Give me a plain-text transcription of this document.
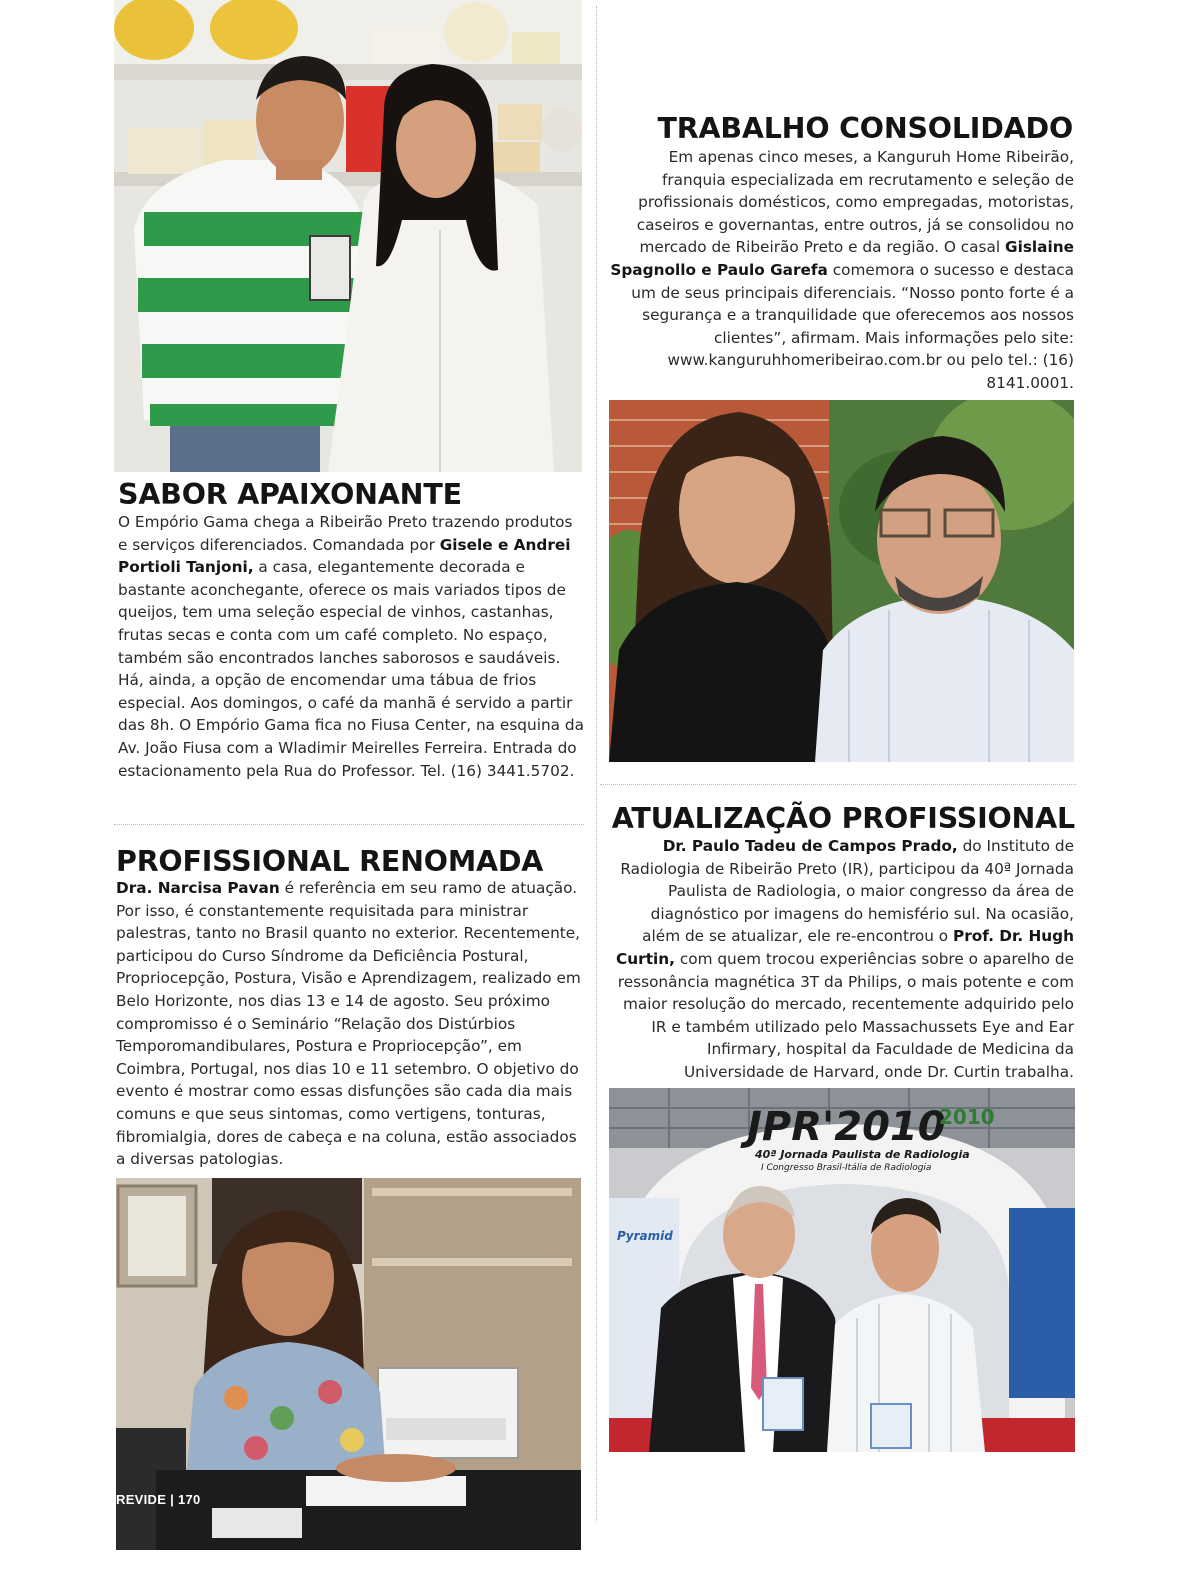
SABOR APAIXONANTE

O Empório Gama chega a Ribeirão Preto trazendo produtos e serviços diferenciados. Comandada por Gisele e Andrei Portioli Tanjoni, a casa, elegantemente decorada e bastante aconchegante, oferece os mais variados tipos de queijos, tem uma seleção especial de vinhos, castanhas, frutas secas e conta com um café completo. No espaço, também são encontrados lanches saborosos e saudáveis. Há, ainda, a opção de encomendar uma tábua de frios especial. Aos domingos, o café da manhã é servido a partir das 8h. O Empório Gama fica no Fiusa Center, na esquina da Av. João Fiusa com a Wladimir Meirelles Ferreira. Entrada do estacionamento pela Rua do Professor. Tel. (16) 3441.5702.

PROFISSIONAL RENOMADA

Dra. Narcisa Pavan é referência em seu ramo de atuação. Por isso, é constantemente requisitada para ministrar palestras, tanto no Brasil quanto no exterior. Recentemente, participou do Curso Síndrome da Deficiência Postural, Propriocepção, Postura, Visão e Aprendizagem, realizado em Belo Horizonte, nos dias 13 e 14 de agosto. Seu próximo compromisso é o Seminário “Relação dos Distúrbios Temporomandibulares, Postura e Propriocepção”, em Coimbra, Portugal, nos dias 10 e 11 setembro. O objetivo do evento é mostrar como essas disfunções são cada dia mais comuns e que seus sintomas, como vertigens, tonturas, fibromialgia, dores de cabeça e na coluna, estão associados a diversas patologias.

REVIDE | 170
TRABALHO CONSOLIDADO

Em apenas cinco meses, a Kanguruh Home Ribeirão, franquia especializada em recrutamento e seleção de profissionais domésticos, como empregadas, motoristas, caseiros e governantas, entre outros, já se consolidou no mercado de Ribeirão Preto e da região. O casal Gislaine Spagnollo e Paulo Garefa comemora o sucesso e destaca um de seus principais diferenciais. “Nosso ponto forte é a segurança e a tranquilidade que oferecemos aos nossos clientes”, afirmam. Mais informações pelo site: www.kanguruhhomeribeirao.com.br ou pelo tel.: (16) 8141.0001.

ATUALIZAÇÃO PROFISSIONAL

Dr. Paulo Tadeu de Campos Prado, do Instituto de Radiologia de Ribeirão Preto (IR), participou da 40ª Jornada Paulista de Radiologia, o maior congresso da área de diagnóstico por imagens do hemisfério sul. Na ocasião, além de se atualizar, ele re-encontrou o Prof. Dr. Hugh Curtin, com quem trocou experiências sobre o aparelho de ressonância magnética 3T da Philips, o mais potente e com maior resolução do mercado, recentemente adquirido pelo IR e também utilizado pelo Massachussets Eye and Ear Infirmary, hospital da Faculdade de Medicina da Universidade de Harvard, onde Dr. Curtin trabalha.

JPR'2010
2010
40ª Jornada Paulista de Radiologia
I Congresso Brasil-Itália de Radiologia
Pyramid
